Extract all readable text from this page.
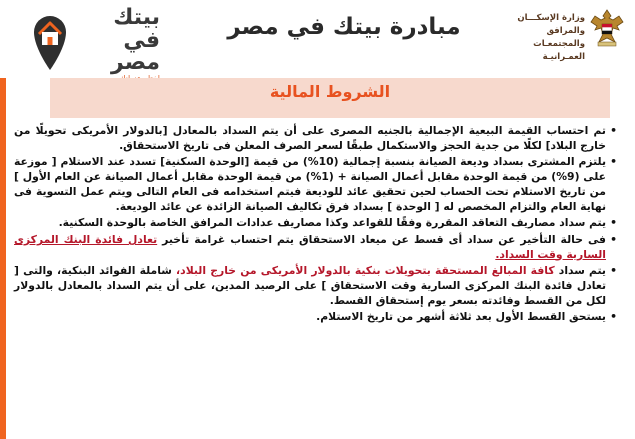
وزارة الإسكـــان والمرافق والمجتمعـات العمـرانيـة
مبادرة بيتك في مصر
بيتك
في مصر
الشروط المالية
• تم احتساب القيمة البيعية الإجمالية بالجنيه المصرى على أن يتم السداد بالمعادل [بالدولار الأمريكى تحويلًا من خارج البلاد] لكلًا من جدية الحجز والاستكمال طبقًا لسعر الصرف المعلن فى تاريخ الاستحقاق.
• يلتزم المشترى بسداد وديعة الصيانة بنسبة إجمالية (10%) من قيمة [الوحدة السكنية] تسدد عند الاستلام [ موزعة على (9%) من قيمة الوحدة مقابل أعمال الصيانة + (1%) من قيمة الوحدة مقابل أعمال الصيانة عن العام الأول ] من تاريخ الاستلام تحت الحساب لحين تحقيق عائد للوديعة فيتم استخدامه فى العام التالى ويتم عمل التسوية فى نهاية العام والتزام المخصص له [ الوحدة ] بسداد فرق تكاليف الصيانة الزائدة عن عائد الوديعة.
• يتم سداد مصاريف التعاقد المقررة وفقًا للقواعد وكذا مصاريف عدادات المرافق الخاصة بالوحدة السكنية.
• فى حالة التأخير عن سداد أى قسط عن ميعاد الاستحقاق يتم احتساب غرامة تأخير تعادل فائدة البنك المركزى السارية وقت السداد.
• يتم سداد كافة المبالغ المستحقة بتحويلات بنكية بالدولار الأمريكى من خارج البلاد، شاملة الفوائد البنكية، والتى [ تعادل فائدة البنك المركزى السارية وقت الاستحقاق ] على الرصيد المدين، على أن يتم السداد بالمعادل بالدولار لكل من القسط وفائدته بسعر يوم إستحقاق القسط.
• يستحق القسط الأول بعد ثلاثة أشهر من تاريخ الاستلام.
